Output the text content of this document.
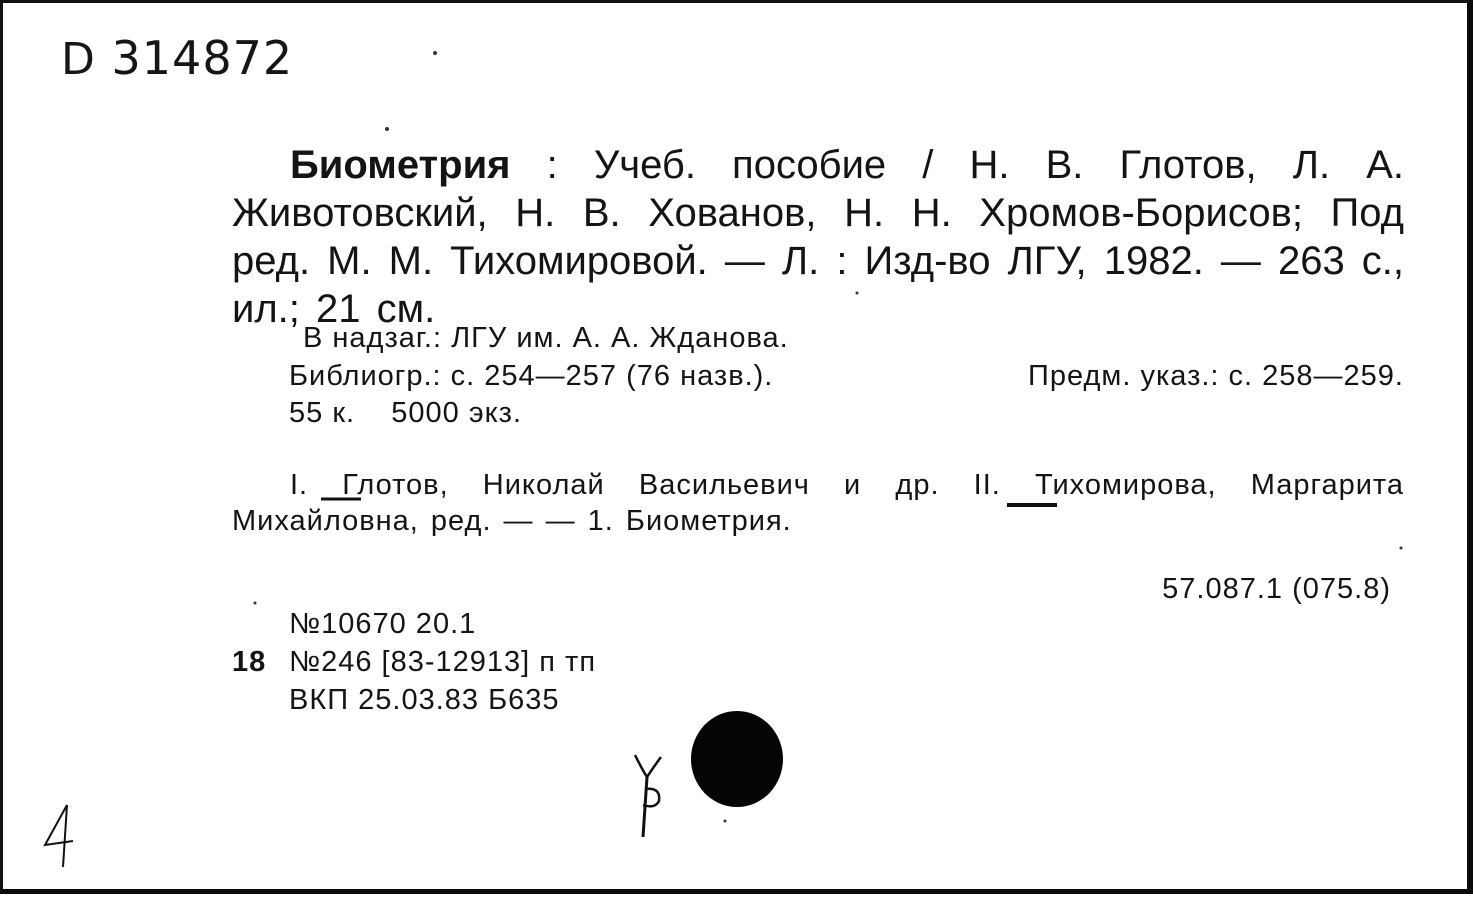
D 314872
Биометрия : Учеб. пособие / Н. В. Глотов, Л. А. Животовский, Н. В. Хованов, Н. Н. Хромов-Борисов; Под ред. М. М. Тихомировой. — Л. : Изд-во ЛГУ, 1982. — 263 с., ил.; 21 см.
В надзаг.: ЛГУ им. А. А. Жданова.
Библиогр.: с. 254—257 (76 назв.).	Предм. указ.: с. 258—259.
55 к.    5000 экз.
I. Глотов, Николай Васильевич и др. II. Тихомирова, Маргарита Михайловна, ред. — — 1. Биометрия.
57.087.1 (075.8)
№10670 20.1
18 №246 [83-12913] п тп
ВКП 25.03.83 Б635
